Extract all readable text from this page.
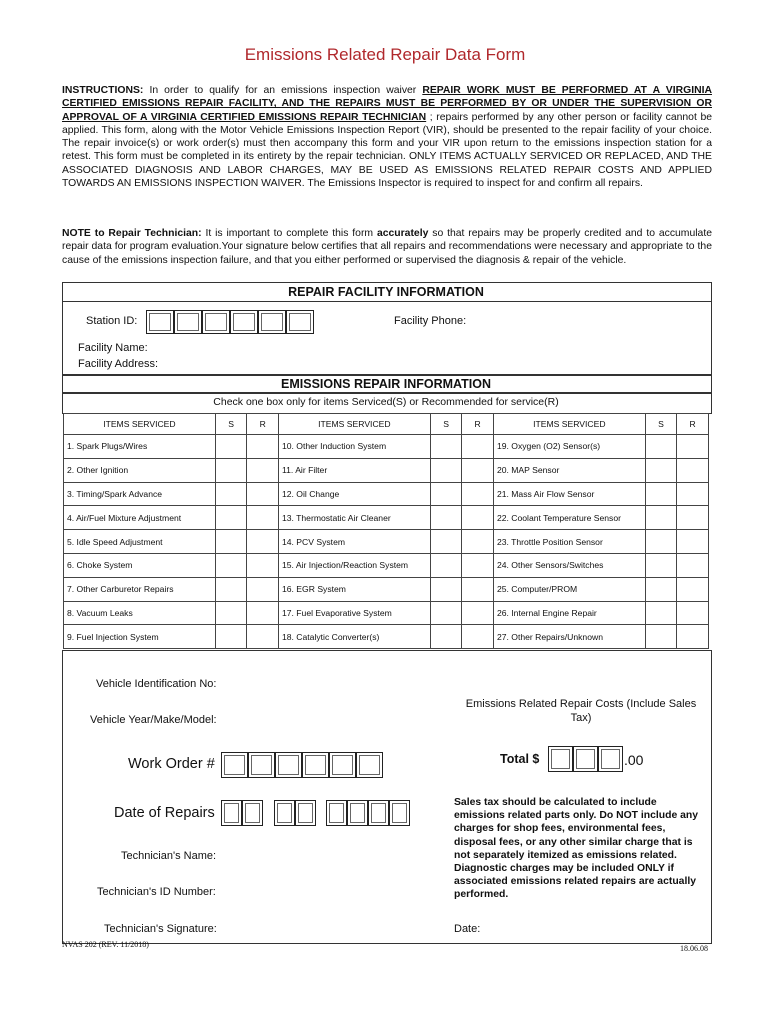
Emissions Related Repair Data Form
INSTRUCTIONS: In order to qualify for an emissions inspection waiver REPAIR WORK MUST BE PERFORMED AT A VIRGINIA CERTIFIED EMISSIONS REPAIR FACILITY, AND THE REPAIRS MUST BE PERFORMED BY OR UNDER THE SUPERVISION OR APPROVAL OF A VIRGINIA CERTIFIED EMISSIONS REPAIR TECHNICIAN ; repairs performed by any other person or facility cannot be applied. This form, along with the Motor Vehicle Emissions Inspection Report (VIR), should be presented to the repair facility of your choice. The repair invoice(s) or work order(s) must then accompany this form and your VIR upon return to the emissions inspection station for a retest. This form must be completed in its entirety by the repair technician. ONLY ITEMS ACTUALLY SERVICED OR REPLACED, AND THE ASSOCIATED DIAGNOSIS AND LABOR CHARGES, MAY BE USED AS EMISSIONS RELATED REPAIR COSTS AND APPLIED TOWARDS AN EMISSIONS INSPECTION WAIVER. The Emissions Inspector is required to inspect for and confirm all repairs.
NOTE to Repair Technician: It is important to complete this form accurately so that repairs may be properly credited and to accumulate repair data for program evaluation.Your signature below certifies that all repairs and recommendations were necessary and appropriate to the cause of the emissions inspection failure, and that you either performed or supervised the diagnosis & repair of the vehicle.
REPAIR FACILITY INFORMATION
Station ID:	Facility Phone:
Facility Name:
Facility Address:
EMISSIONS REPAIR INFORMATION
Check one box only for items Serviced(S) or Recommended for service(R)
ITEMS SERVICED	S	R	ITEMS SERVICED	S	R	ITEMS SERVICED	S	R
1. Spark Plugs/Wires			10. Other Induction System			19. Oxygen (O2) Sensor(s)		
2. Other Ignition			11. Air Filter			20. MAP Sensor		
3. Timing/Spark Advance			12. Oil Change			21. Mass Air Flow Sensor		
4. Air/Fuel Mixture Adjustment			13. Thermostatic Air Cleaner			22. Coolant Temperature Sensor		
5. Idle Speed Adjustment			14. PCV System			23. Throttle Position Sensor		
6. Choke System			15. Air Injection/Reaction System			24. Other Sensors/Switches		
7. Other Carburetor Repairs			16. EGR System			25. Computer/PROM		
8. Vacuum Leaks			17. Fuel Evaporative System			26. Internal Engine Repair		
9. Fuel Injection System			18. Catalytic Converter(s)			27. Other Repairs/Unknown		
Vehicle Identification No:
Vehicle Year/Make/Model:
Emissions Related Repair Costs (Include Sales Tax)
Work Order #	Total $	.00
Date of Repairs
Sales tax should be calculated to include emissions related parts only. Do NOT include any charges for shop fees, environmental fees, disposal fees, or any other similar charge that is not separately itemized as emissions related. Diagnostic charges may be included ONLY if associated emissions related repairs are actually performed.
Technician's Name:
Technician's ID Number:
Technician's Signature:	Date:
NVAS 202 (REV. 11/2018)	18.06.08
